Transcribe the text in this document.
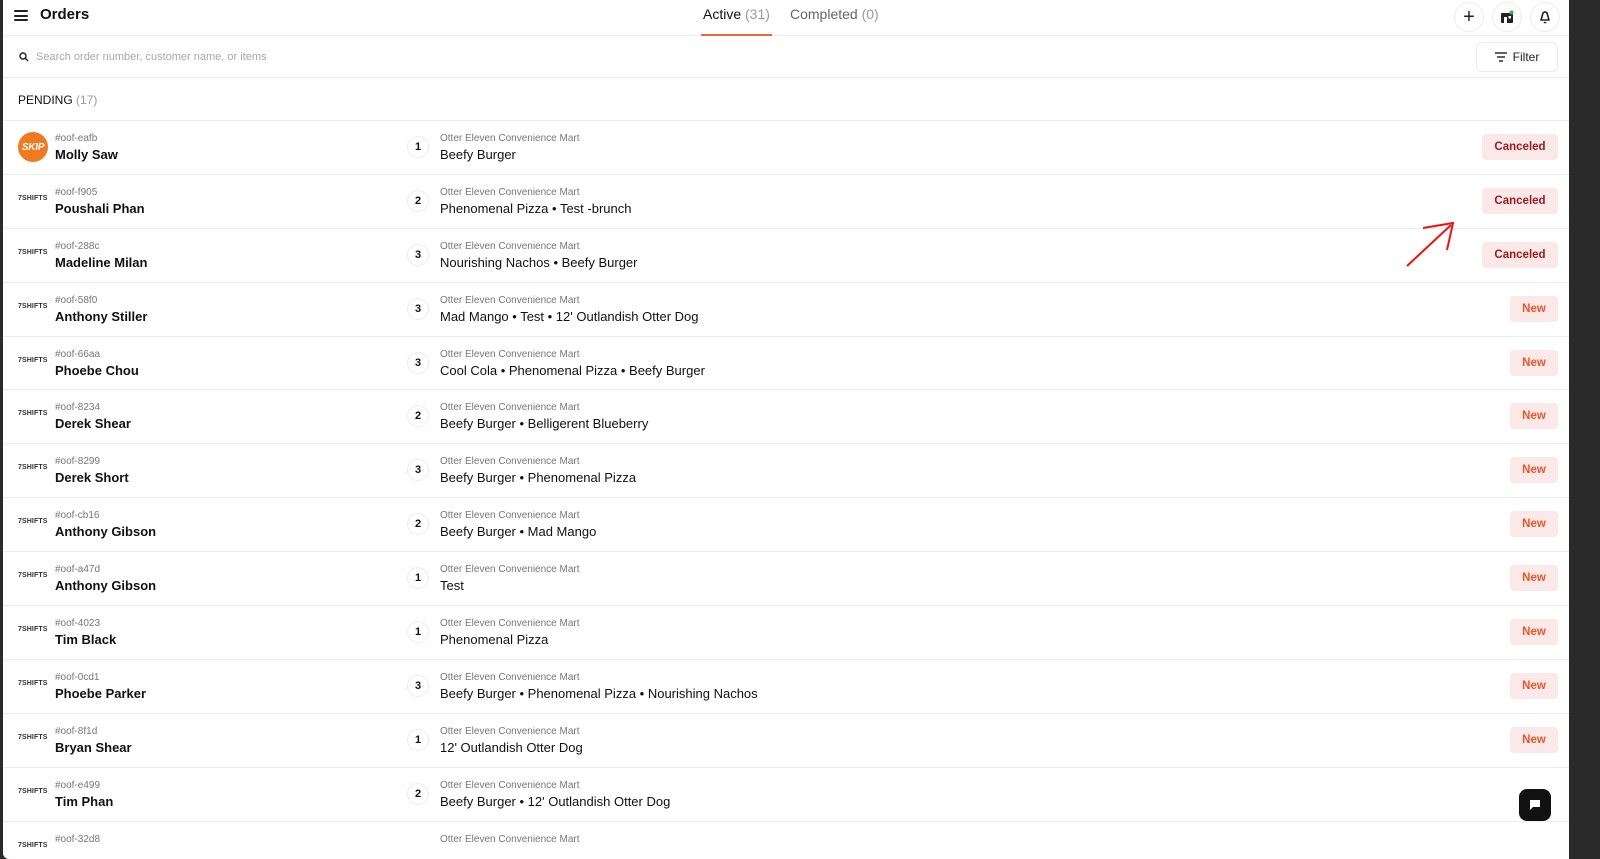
Orders	Active (31) Completed (0)	+
Search order number, customer name, or items
Filter
PENDING (17)
SKIP
#oof-eafb
Molly Saw	1
Otter Eleven Convenience Mart
Beefy Burger	Canceled
7SHIFTS
#oof-f905
Poushali Phan	2
Otter Eleven Convenience Mart
Phenomenal Pizza • Test -brunch	Canceled
7SHIFTS
#oof-288c
Madeline Milan	3
Otter Eleven Convenience Mart
Nourishing Nachos • Beefy Burger	Canceled
7SHIFTS
#oof-58f0
Anthony Stiller	3
Otter Eleven Convenience Mart
Mad Mango • Test • 12' Outlandish Otter Dog	New
7SHIFTS
#oof-66aa
Phoebe Chou	3
Otter Eleven Convenience Mart
Cool Cola • Phenomenal Pizza • Beefy Burger	New
7SHIFTS
#oof-8234
Derek Shear	2
Otter Eleven Convenience Mart
Beefy Burger • Belligerent Blueberry	New
7SHIFTS
#oof-8299
Derek Short	3
Otter Eleven Convenience Mart
Beefy Burger • Phenomenal Pizza	New
7SHIFTS
#oof-cb16
Anthony Gibson	2
Otter Eleven Convenience Mart
Beefy Burger • Mad Mango	New
7SHIFTS
#oof-a47d
Anthony Gibson	1
Otter Eleven Convenience Mart
Test	New
7SHIFTS
#oof-4023
Tim Black	1
Otter Eleven Convenience Mart
Phenomenal Pizza	New
7SHIFTS
#oof-0cd1
Phoebe Parker	3
Otter Eleven Convenience Mart
Beefy Burger • Phenomenal Pizza • Nourishing Nachos	New
7SHIFTS
#oof-8f1d
Bryan Shear	1
Otter Eleven Convenience Mart
12' Outlandish Otter Dog	New
7SHIFTS
#oof-e499
Tim Phan	2
Otter Eleven Convenience Mart
Beefy Burger • 12' Outlandish Otter Dog
7SHIFTS
#oof-32d8	Otter Eleven Convenience Mart
